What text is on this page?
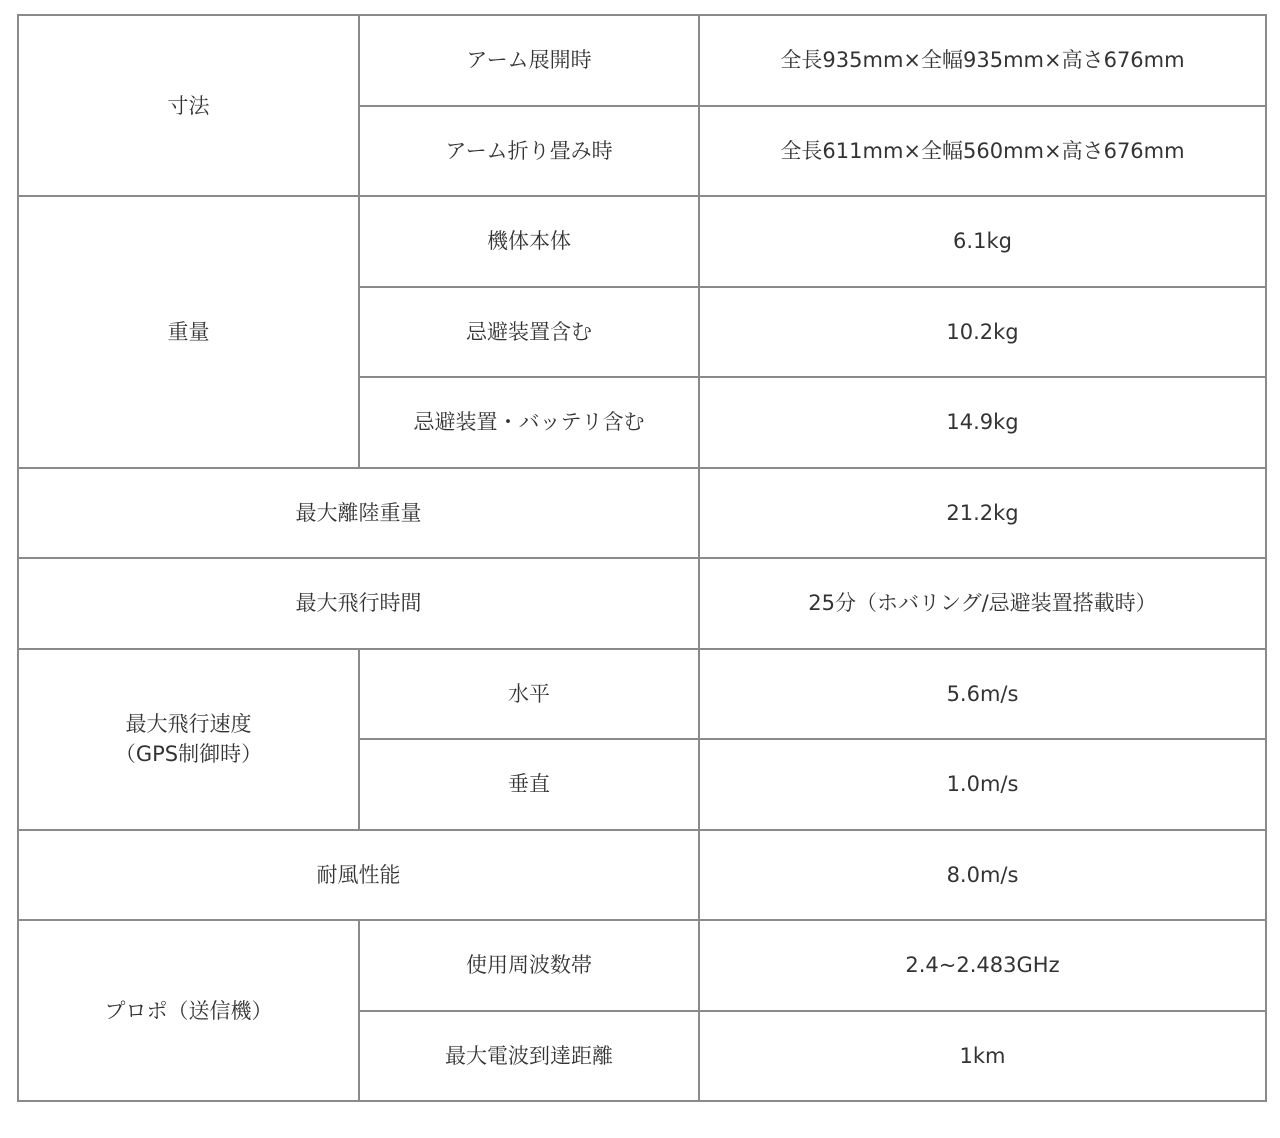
寸法	アーム展開時	全長935mm×全幅935mm×高さ676mm
	アーム折り畳み時	全長611mm×全幅560mm×高さ676mm
重量	機体本体	6.1kg
	忌避装置含む	10.2kg
	忌避装置・バッテリ含む	14.9kg
最大離陸重量		21.2kg
最大飛行時間		25分（ホバリング/忌避装置搭載時）

最大飛行速度
（GPS制御時）	水平	5.6m/s
	垂直	1.0m/s
耐風性能		8.0m/s
プロポ（送信機）	使用周波数帯	2.4~2.483GHz
	最大電波到達距離	1km
